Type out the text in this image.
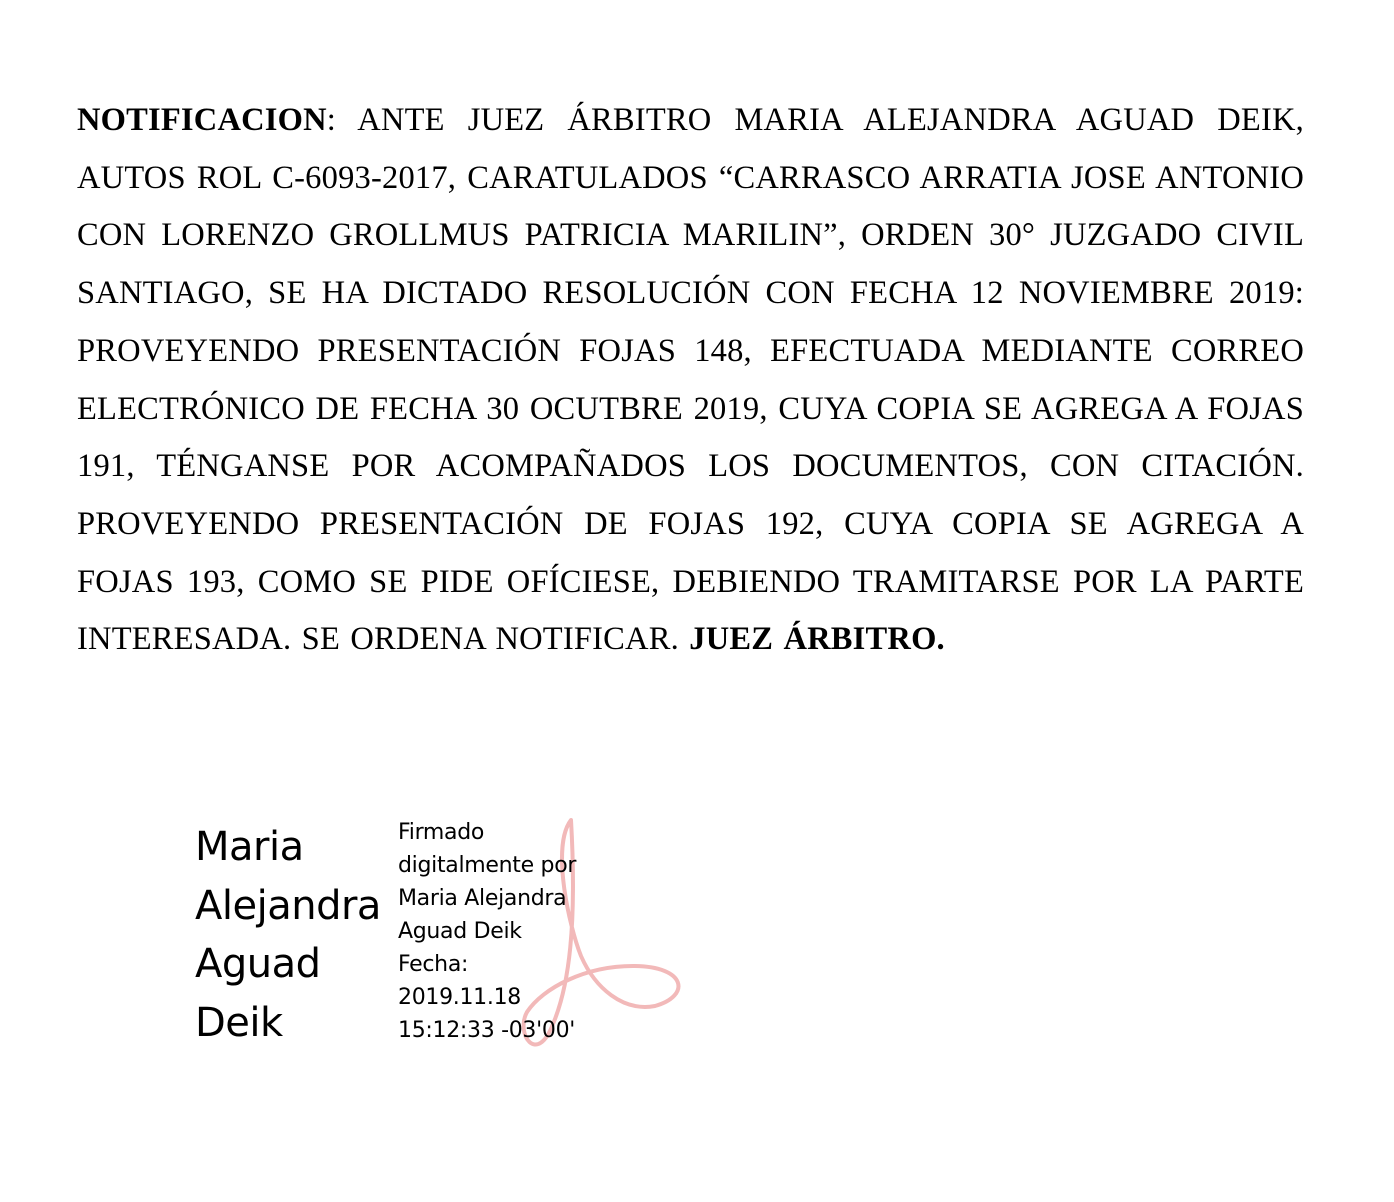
NOTIFICACION: ANTE JUEZ ÁRBITRO MARIA ALEJANDRA AGUAD DEIK, AUTOS ROL C-6093-2017, CARATULADOS “CARRASCO ARRATIA JOSE ANTONIO CON LORENZO GROLLMUS PATRICIA MARILIN”, ORDEN 30° JUZGADO CIVIL SANTIAGO, SE HA DICTADO RESOLUCIÓN CON FECHA 12 NOVIEMBRE 2019: PROVEYENDO PRESENTACIÓN FOJAS 148, EFECTUADA MEDIANTE CORREO ELECTRÓNICO DE FECHA 30 OCUTBRE 2019, CUYA COPIA SE AGREGA A FOJAS 191, TÉNGANSE POR ACOMPAÑADOS LOS DOCUMENTOS, CON CITACIÓN. PROVEYENDO PRESENTACIÓN DE FOJAS 192, CUYA COPIA SE AGREGA A FOJAS 193, COMO SE PIDE OFÍCIESE, DEBIENDO TRAMITARSE POR LA PARTE INTERESADA. SE ORDENA NOTIFICAR. JUEZ ÁRBITRO.

Maria
Alejandra
Aguad
Deik

Firmado
digitalmente por
Maria Alejandra
Aguad Deik
Fecha:
2019.11.18
15:12:33 -03'00'
